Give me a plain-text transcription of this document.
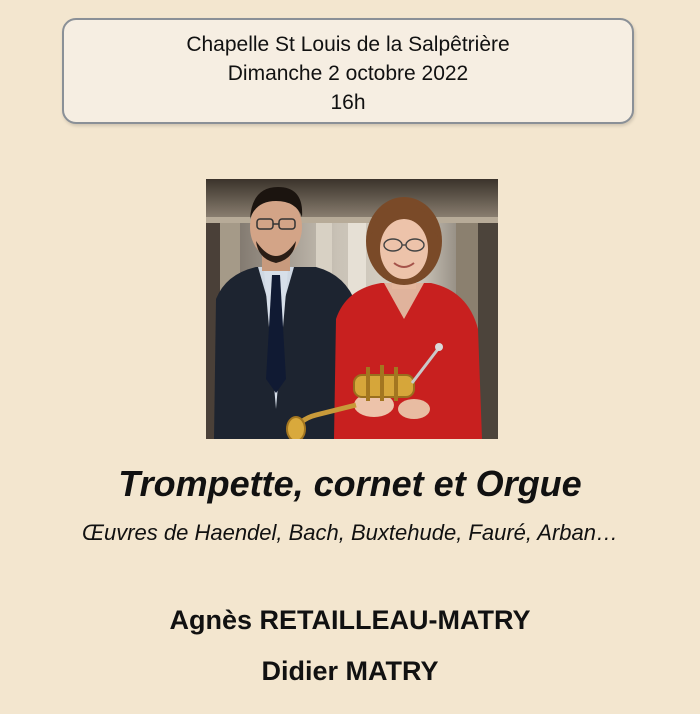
Chapelle St Louis de la Salpêtrière
Dimanche 2 octobre 2022
16h
Trompette, cornet et Orgue
Œuvres de Haendel, Bach, Buxtehude, Fauré, Arban…
Agnès RETAILLEAU-MATRY
Didier MATRY
